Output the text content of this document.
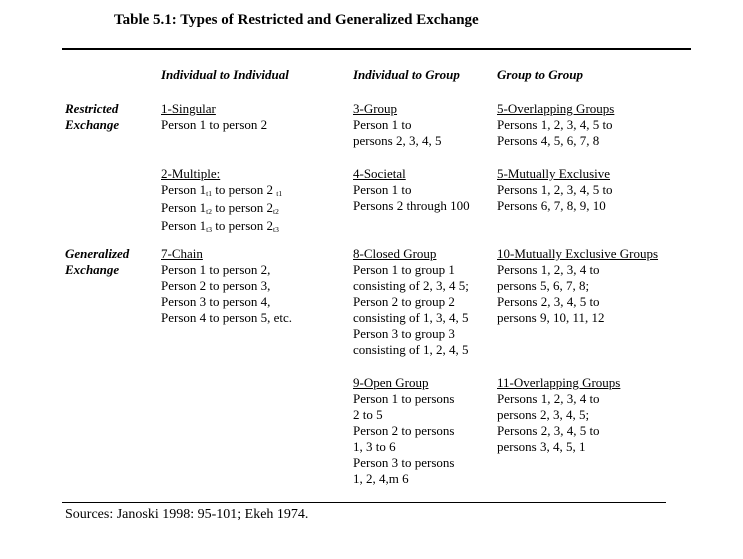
Table 5.1: Types of Restricted and Generalized Exchange
Individual to Individual	Individual to Group	Group to Group
Restricted
Exchange
Generalized
Exchange
1-Singular
Person 1 to person 2
3-Group
Person 1 to
persons 2, 3, 4, 5
5-Overlapping Groups
Persons 1, 2, 3, 4, 5 to
Persons 4, 5, 6, 7, 8
2-Multiple:
Person 1t1 to person 2 t1
Person 1t2 to person 2t2
Person 1t3 to person 2t3
4-Societal
Person 1 to
Persons 2 through 100
5-Mutually Exclusive
Persons 1, 2, 3, 4, 5 to
Persons 6, 7, 8, 9, 10
7-Chain
Person 1 to person 2,
Person 2 to person 3,
Person 3 to person 4,
Person 4 to person 5, etc.
8-Closed Group
Person 1 to group 1
consisting of 2, 3, 4 5;
Person 2 to group 2
consisting of 1, 3, 4, 5
Person 3 to group 3
consisting of 1, 2, 4, 5
10-Mutually Exclusive Groups
Persons 1, 2, 3, 4 to
persons 5, 6, 7, 8;
Persons 2, 3, 4, 5 to
persons 9, 10, 11, 12
9-Open Group
Person 1 to persons
2 to 5
Person 2 to persons
1, 3 to 6
Person 3 to persons
1, 2, 4,m 6
11-Overlapping Groups
Persons 1, 2, 3, 4 to
persons 2, 3, 4, 5;
Persons 2, 3, 4, 5 to
persons 3, 4, 5, 1
Sources: Janoski 1998: 95-101; Ekeh 1974.
